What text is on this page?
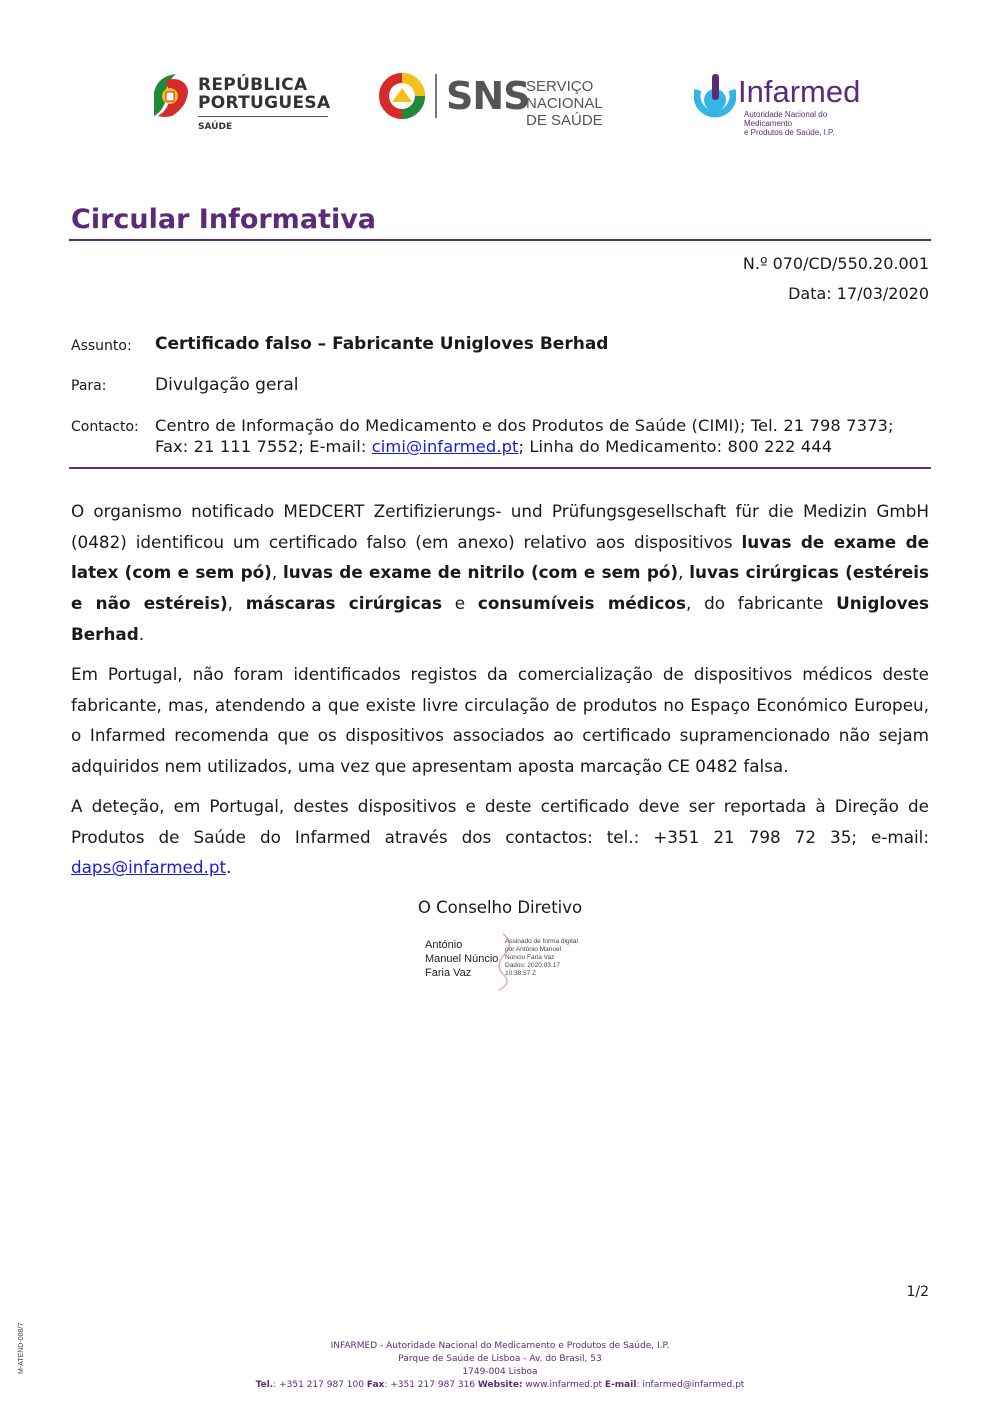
REPÚBLICA
PORTUGUESA
SAÚDE
SNS
SERVIÇO NACIONAL
DE SAÚDE
Infarmed
Autoridade Nacional do Medicamento
e Produtos de Saúde, I.P.
Circular Informativa
N.º 070/CD/550.20.001
Data: 17/03/2020
Assunto: Certificado falso – Fabricante Unigloves Berhad
Para:	Divulgação geral
Contacto: Centro de Informação do Medicamento e dos Produtos de Saúde (CIMI); Tel. 21 798 7373;
Fax: 21 111 7552; E-mail: cimi@infarmed.pt; Linha do Medicamento: 800 222 444
O organismo notificado MEDCERT Zertifizierungs- und Prüfungsgesellschaft für die Medizin GmbH (0482) identificou um certificado falso (em anexo) relativo aos dispositivos luvas de exame de latex (com e sem pó), luvas de exame de nitrilo (com e sem pó), luvas cirúrgicas (estéreis e não estéreis), máscaras cirúrgicas e consumíveis médicos, do fabricante Unigloves Berhad.
Em Portugal, não foram identificados registos da comercialização de dispositivos médicos deste fabricante, mas, atendendo a que existe livre circulação de produtos no Espaço Económico Europeu, o Infarmed recomenda que os dispositivos associados ao certificado supramencionado não sejam adquiridos nem utilizados, uma vez que apresentam aposta marcação CE 0482 falsa.
A deteção, em Portugal, destes dispositivos e deste certificado deve ser reportada à Direção de Produtos de Saúde do Infarmed através dos contactos: tel.: +351 21 798 72 35; e-mail: daps@infarmed.pt.
O Conselho Diretivo
António
Manuel Núncio
Faria Vaz
Assinado de forma digital
por António Manuel
Núncio Faria Vaz
Dados: 2020.03.17
10:38:57 Z
1/2
M-ATEND-008/7	INFARMED - Autoridade Nacional do Medicamento e Produtos de Saúde, I.P.
Parque de Saúde de Lisboa - Av. do Brasil, 53
1749-004 Lisboa
Tel.: +351 217 987 100 Fax: +351 217 987 316 Website: www.infarmed.pt E-mail: infarmed@infarmed.pt
